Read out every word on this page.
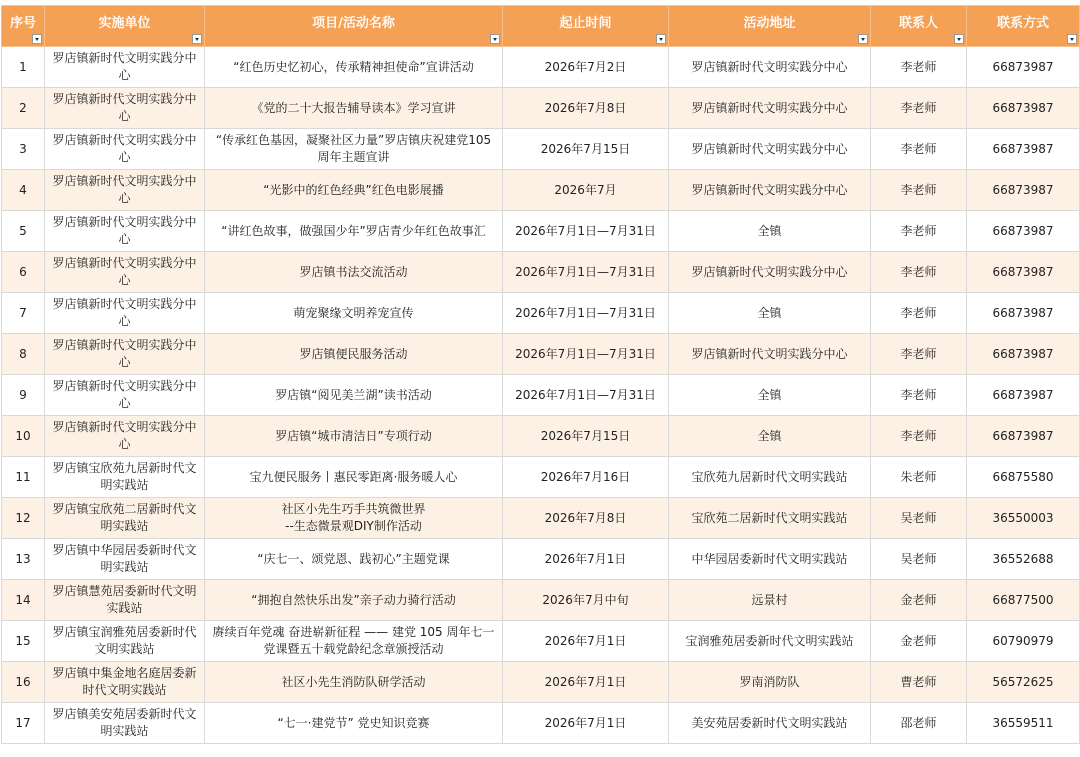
序号	实施单位	项目/活动名称	起止时间	活动地址	联系人	联系方式

1	罗店镇新时代文明实践分中心	“红色历史忆初心，传承精神担使命”宣讲活动	2026年7月2日	罗店镇新时代文明实践分中心	李老师	66873987
2	罗店镇新时代文明实践分中心	《党的二十大报告辅导读本》学习宣讲	2026年7月8日	罗店镇新时代文明实践分中心	李老师	66873987
3	罗店镇新时代文明实践分中心	“传承红色基因，凝聚社区力量”罗店镇庆祝建党105周年主题宣讲	2026年7月15日	罗店镇新时代文明实践分中心	李老师	66873987
4	罗店镇新时代文明实践分中心	“光影中的红色经典”红色电影展播	2026年7月	罗店镇新时代文明实践分中心	李老师	66873987
5	罗店镇新时代文明实践分中心	“讲红色故事，做强国少年”罗店青少年红色故事汇	2026年7月1日—7月31日	全镇	李老师	66873987
6	罗店镇新时代文明实践分中心	罗店镇书法交流活动	2026年7月1日—7月31日	罗店镇新时代文明实践分中心	李老师	66873987
7	罗店镇新时代文明实践分中心	萌宠聚缘文明养宠宣传	2026年7月1日—7月31日	全镇	李老师	66873987
8	罗店镇新时代文明实践分中心	罗店镇便民服务活动	2026年7月1日—7月31日	罗店镇新时代文明实践分中心	李老师	66873987
9	罗店镇新时代文明实践分中心	罗店镇“阅见美兰湖”读书活动	2026年7月1日—7月31日	全镇	李老师	66873987
10	罗店镇新时代文明实践分中心	罗店镇“城市清洁日”专项行动	2026年7月15日	全镇	李老师	66873987
11	罗店镇宝欣苑九居新时代文明实践站	宝九便民服务丨惠民零距离·服务暖人心	2026年7月16日	宝欣苑九居新时代文明实践站	朱老师	66875580
12	罗店镇宝欣苑二居新时代文明实践站	社区小先生巧手共筑微世界
--生态微景观DIY制作活动	2026年7月8日	宝欣苑二居新时代文明实践站	吴老师	36550003
13	罗店镇中华园居委新时代文明实践站	“庆七一、颂党恩、践初心”主题党课	2026年7月1日	中华园居委新时代文明实践站	吴老师	36552688
14	罗店镇慧苑居委新时代文明实践站	“拥抱自然快乐出发”亲子动力骑行活动	2026年7月中旬	远景村	金老师	66877500
15	罗店镇宝润雅苑居委新时代文明实践站	赓续百年党魂 奋进崭新征程 —— 建党 105 周年七一党课暨五十载党龄纪念章颁授活动	2026年7月1日	宝润雅苑居委新时代文明实践站	金老师	60790979
16	罗店镇中集金地名庭居委新时代文明实践站	社区小先生消防队研学活动	2026年7月1日	罗南消防队	曹老师	56572625
17	罗店镇美安苑居委新时代文明实践站	“七一·建党节” 党史知识竞赛	2026年7月1日	美安苑居委新时代文明实践站	邵老师	36559511
